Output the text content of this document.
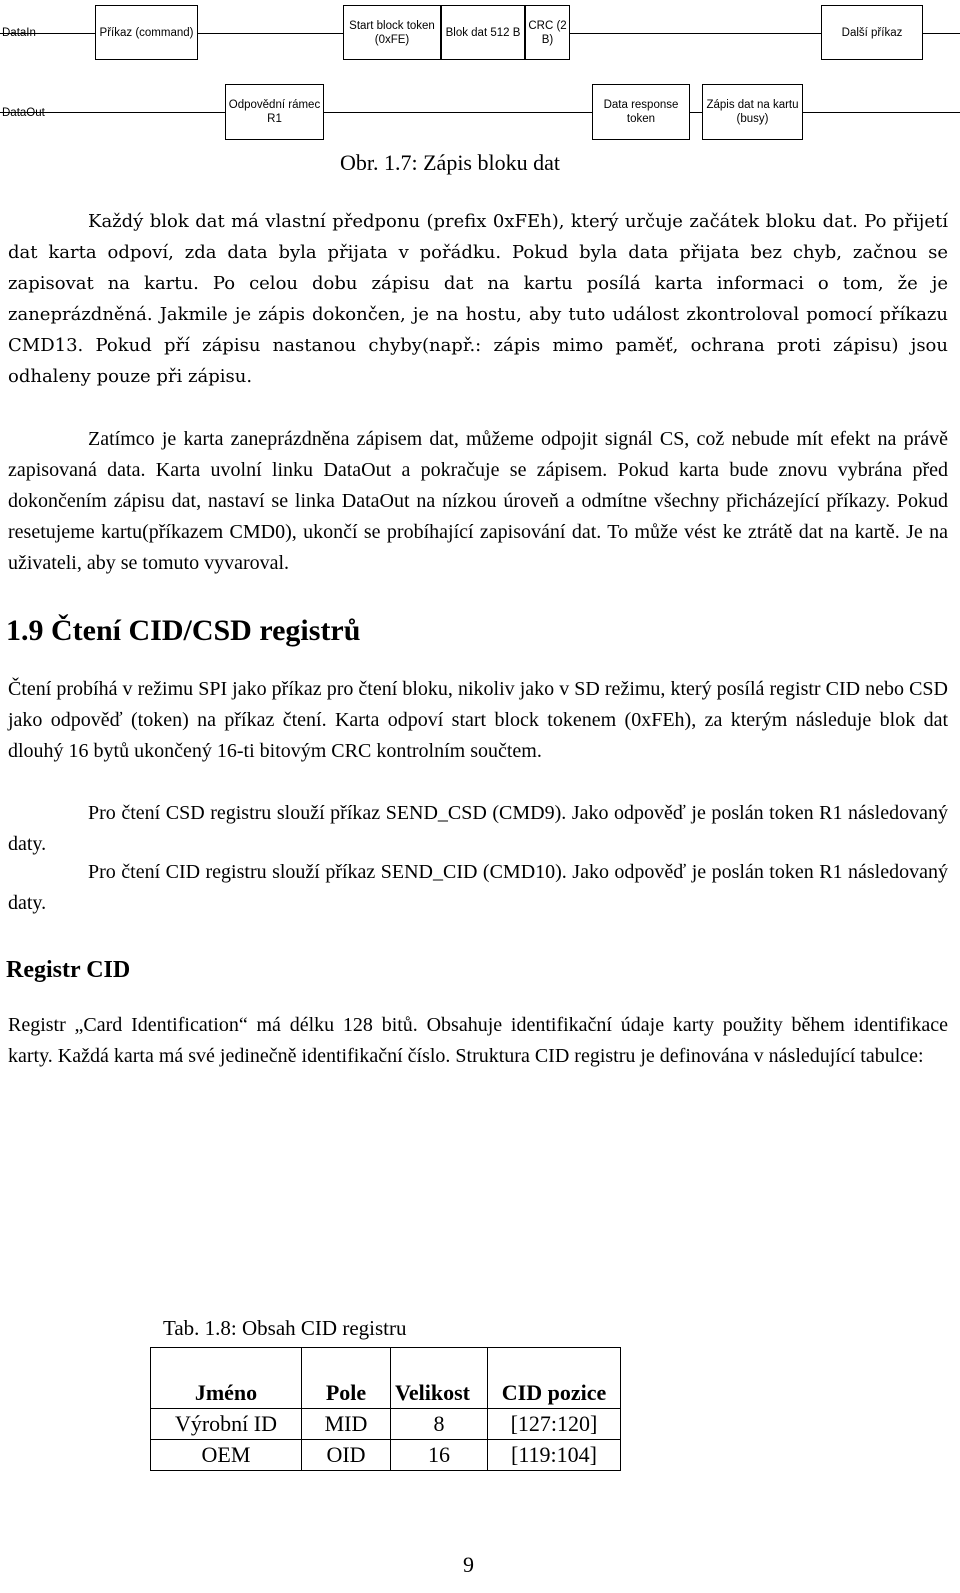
DataIn	Příkaz (command)
Start block token (0xFE)
Blok dat 512 B
CRC (2 B)
Další příkaz
DataOut
Odpovědní rámec R1
Data response token
Zápis dat na kartu (busy)
Obr. 1.7: Zápis bloku dat

Každý blok dat má vlastní předponu (prefix 0xFEh), který určuje začátek bloku dat. Po přijetí dat karta odpoví, zda data byla přijata v pořádku. Pokud byla data přijata bez chyb, začnou se zapisovat na kartu. Po celou dobu zápisu dat na kartu posílá karta informaci o tom, že je zaneprázdněná. Jakmile je zápis dokončen, je na hostu, aby tuto událost zkontroloval pomocí příkazu CMD13. Pokud pří zápisu nastanou chyby(např.: zápis mimo paměť, ochrana proti zápisu) jsou odhaleny pouze při zápisu.

Zatímco je karta zaneprázdněna zápisem dat, můžeme odpojit signál CS, což nebude mít efekt na právě zapisovaná data. Karta uvolní linku DataOut a pokračuje se zápisem. Pokud karta bude znovu vybrána před dokončením zápisu dat, nastaví se linka DataOut na nízkou úroveň a odmítne všechny přicházející příkazy. Pokud resetujeme kartu(příkazem CMD0), ukončí se probíhající zapisování dat. To může vést ke ztrátě dat na kartě. Je na uživateli, aby se tomuto vyvaroval.

1.9 Čtení CID/CSD registrů

Čtení probíhá v režimu SPI jako příkaz pro čtení bloku, nikoliv jako v SD režimu, který posílá registr CID nebo CSD jako odpověď (token) na příkaz čtení. Karta odpoví start block tokenem (0xFEh), za kterým následuje blok dat dlouhý 16 bytů ukončený 16-ti bitovým CRC kontrolním součtem.

Pro čtení CSD registru slouží příkaz SEND_CSD (CMD9). Jako odpověď je poslán token R1 následovaný daty.

Pro čtení CID registru slouží příkaz SEND_CID (CMD10). Jako odpověď je poslán token R1 následovaný daty.

Registr CID

Registr „Card Identification“ má délku 128 bitů. Obsahuje identifikační údaje karty použity během identifikace karty. Každá karta má své jedinečně identifikační číslo. Struktura CID registru je definována v následující tabulce:

Tab. 1.8: Obsah CID registru
Jméno	Pole	Velikost	CID pozice
Výrobní ID	MID	8	[127:120]
OEM	OID	16	[119:104]
9
